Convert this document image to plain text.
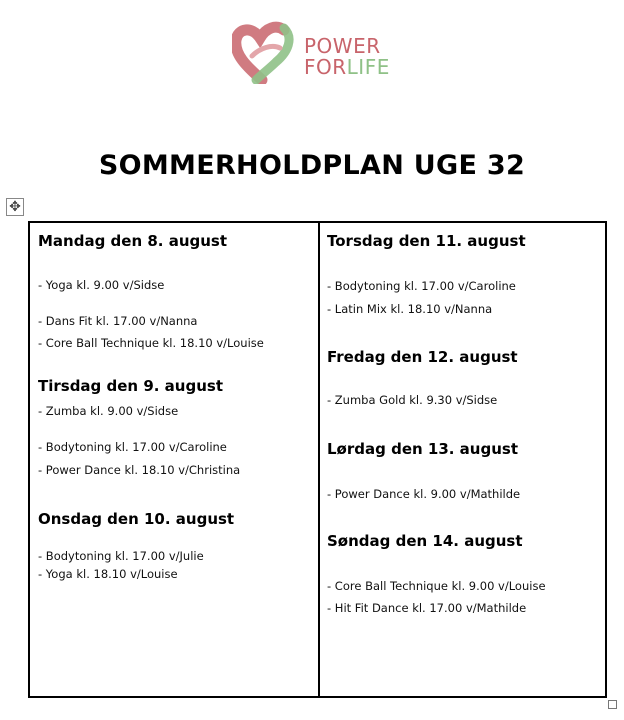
POWER
FORLIFE
SOMMERHOLDPLAN UGE 32
✥
Mandag den 8. august
- Yoga kl. 9.00 v/Sidse
- Dans Fit kl. 17.00 v/Nanna
- Core Ball Technique kl. 18.10 v/Louise
Tirsdag den 9. august
- Zumba kl. 9.00 v/Sidse
- Bodytoning kl. 17.00 v/Caroline
- Power Dance kl. 18.10 v/Christina
Onsdag den 10. august
- Bodytoning kl. 17.00 v/Julie
- Yoga kl. 18.10 v/Louise
Torsdag den 11. august
- Bodytoning kl. 17.00 v/Caroline
- Latin Mix kl. 18.10 v/Nanna
Fredag den 12. august
- Zumba Gold kl. 9.30 v/Sidse
Lørdag den 13. august
- Power Dance kl. 9.00 v/Mathilde
Søndag den 14. august
- Core Ball Technique kl. 9.00 v/Louise
- Hit Fit Dance kl. 17.00 v/Mathilde
